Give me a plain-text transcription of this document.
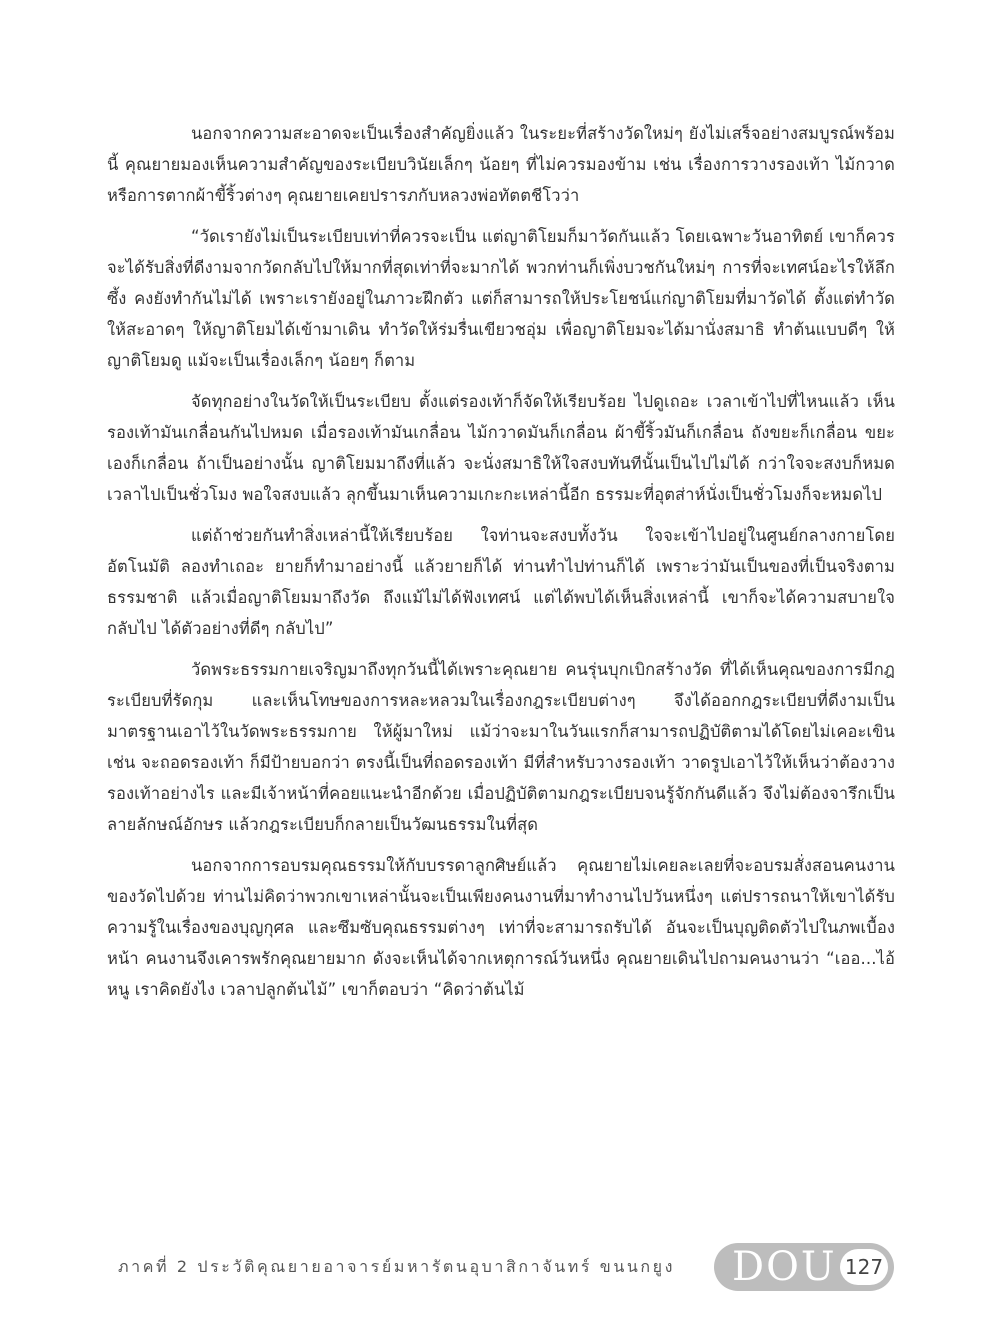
นอกจากความสะอาดจะเป็นเรื่องสำคัญยิ่งแล้ว ในระยะที่สร้างวัดใหม่ๆ ยังไม่เสร็จอย่างสมบูรณ์พร้อมนี้ คุณยายมองเห็นความสำคัญของระเบียบวินัยเล็กๆ น้อยๆ ที่ไม่ควรมองข้าม เช่น เรื่องการวางรองเท้า ไม้กวาด หรือการตากผ้าขี้ริ้วต่างๆ คุณยายเคยปรารภกับหลวงพ่อทัตตชีโวว่า

“วัดเรายังไม่เป็นระเบียบเท่าที่ควรจะเป็น แต่ญาติโยมก็มาวัดกันแล้ว โดยเฉพาะวันอาทิตย์ เขาก็ควรจะได้รับสิ่งที่ดีงามจากวัดกลับไปให้มากที่สุดเท่าที่จะมากได้ พวกท่านก็เพิ่งบวชกันใหม่ๆ การที่จะเทศน์อะไรให้ลึกซึ้ง คงยังทำกันไม่ได้ เพราะเรายังอยู่ในภาวะฝึกตัว แต่ก็สามารถให้ประโยชน์แก่ญาติโยมที่มาวัดได้ ตั้งแต่ทำวัดให้สะอาดๆ ให้ญาติโยมได้เข้ามาเดิน ทำวัดให้ร่มรื่นเขียวชอุ่ม เพื่อญาติโยมจะได้มานั่งสมาธิ ทำต้นแบบดีๆ ให้ญาติโยมดู แม้จะเป็นเรื่องเล็กๆ น้อยๆ ก็ตาม

จัดทุกอย่างในวัดให้เป็นระเบียบ ตั้งแต่รองเท้าก็จัดให้เรียบร้อย ไปดูเถอะ เวลาเข้าไปที่ไหนแล้ว เห็นรองเท้ามันเกลื่อนกันไปหมด เมื่อรองเท้ามันเกลื่อน ไม้กวาดมันก็เกลื่อน ผ้าขี้ริ้วมันก็เกลื่อน ถังขยะก็เกลื่อน ขยะเองก็เกลื่อน ถ้าเป็นอย่างนั้น ญาติโยมมาถึงที่แล้ว จะนั่งสมาธิให้ใจสงบทันทีนั้นเป็นไปไม่ได้ กว่าใจจะสงบก็หมดเวลาไปเป็นชั่วโมง พอใจสงบแล้ว ลุกขึ้นมาเห็นความเกะกะเหล่านี้อีก ธรรมะที่อุตส่าห์นั่งเป็นชั่วโมงก็จะหมดไป

แต่ถ้าช่วยกันทำสิ่งเหล่านี้ให้เรียบร้อย ใจท่านจะสงบทั้งวัน ใจจะเข้าไปอยู่ในศูนย์กลางกายโดยอัตโนมัติ ลองทำเถอะ ยายก็ทำมาอย่างนี้ แล้วยายก็ได้ ท่านทำไปท่านก็ได้ เพราะว่ามันเป็นของที่เป็นจริงตามธรรมชาติ แล้วเมื่อญาติโยมมาถึงวัด ถึงแม้ไม่ได้ฟังเทศน์ แต่ได้พบได้เห็นสิ่งเหล่านี้ เขาก็จะได้ความสบายใจกลับไป ได้ตัวอย่างที่ดีๆ กลับไป”

วัดพระธรรมกายเจริญมาถึงทุกวันนี้ได้เพราะคุณยาย คนรุ่นบุกเบิกสร้างวัด ที่ได้เห็นคุณของการมีกฎระเบียบที่รัดกุม และเห็นโทษของการหละหลวมในเรื่องกฎระเบียบต่างๆ จึงได้ออกกฎระเบียบที่ดีงามเป็นมาตรฐานเอาไว้ในวัดพระธรรมกาย ให้ผู้มาใหม่ แม้ว่าจะมาในวันแรกก็สามารถปฏิบัติตามได้โดยไม่เคอะเขิน เช่น จะถอดรองเท้า ก็มีป้ายบอกว่า ตรงนี้เป็นที่ถอดรองเท้า มีที่สำหรับวางรองเท้า วาดรูปเอาไว้ให้เห็นว่าต้องวางรองเท้าอย่างไร และมีเจ้าหน้าที่คอยแนะนำอีกด้วย เมื่อปฏิบัติตามกฎระเบียบจนรู้จักกันดีแล้ว จึงไม่ต้องจารึกเป็นลายลักษณ์อักษร แล้วกฎระเบียบก็กลายเป็นวัฒนธรรมในที่สุด

นอกจากการอบรมคุณธรรมให้กับบรรดาลูกศิษย์แล้ว คุณยายไม่เคยละเลยที่จะอบรมสั่งสอนคนงานของวัดไปด้วย ท่านไม่คิดว่าพวกเขาเหล่านั้นจะเป็นเพียงคนงานที่มาทำงานไปวันหนึ่งๆ แต่ปรารถนาให้เขาได้รับความรู้ในเรื่องของบุญกุศล และซึมซับคุณธรรมต่างๆ เท่าที่จะสามารถรับได้ อันจะเป็นบุญติดตัวไปในภพเบื้องหน้า คนงานจึงเคารพรักคุณยายมาก ดังจะเห็นได้จากเหตุการณ์วันหนึ่ง คุณยายเดินไปถามคนงานว่า “เออ...ไอ้หนู เราคิดยังไง เวลาปลูกต้นไม้” เขาก็ตอบว่า “คิดว่าต้นไม้

ภาคที่ 2 ประวัติคุณยายอาจารย์มหารัตนอุบาสิกาจันทร์ ขนนกยูง DOU 127
